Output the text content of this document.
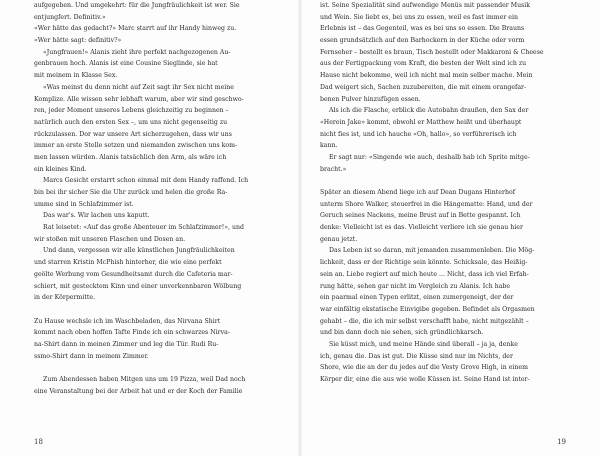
aufgegeben. Und umgekehrt: für die Jungfräulichkeit ist wer. Sie
entjungfert. Definitiv.»
«Wer hätte das gedacht?» Marc starrt auf ihr Handy hinweg zu.
«Wer hätte sagt: definitiv?»
«Jungfrauen!» Alanis zieht ihre perfekt nachgezogenen Au-
genbrauen hoch. Alanis ist eine Cousine Sieglinde, sie hat
mit meinem in Klasse Sex.
«Was meinst du denn nicht auf Zeit sagt ihr Sex nicht meine
Komplize. Alle wissen sehr lebhaft warum, aber wir sind geschwo-
ren, jeder Moment unseres Lebens gleichzeitig zu beginnen –
natürlich auch den ersten Sex –, um uns nicht gegenseitig zu
rückzulassen. Dor war unsere Art sicherzugehen, dass wir uns
immer an erste Stelle setzen und niemanden zwischen uns kom-
men lassen würden. Alanis tatsächlich den Arm, als wäre ich
ein kleines Kind.
Marcs Gesicht erstarrt schon einmal mit dem Handy raffend. Ich
bin bei ihr sicher Sie die Uhr zurück und helen die große Ra-
umme sind in Schlafzimmer ist.
Das war's. Wir lachen uns kaputt.
Rat leisetet: «Auf das große Abenteuer im Schlafzimmer!», und
wir stoßen mit unseren Flaschen und Dosen an.
Und dann, vergessen wir alle künstlichen Jungfräulichkeiten
und starren Kristin McPhish hinterher, die wie eine perfekt
geölte Werbung vom Gesundheitsamt durch die Cafeteria mar-
schiert, mit gestecktem Kinn und einer unverkennbaren Wölbung
in der Körpermitte.
Zu Hause wechsle ich im Waschbeladen, das Nirvana Shirt
kommt nach oben hoffen Tafte Finde ich ein schwarzes Nirva-
na-Shirt dann in meinen Zimmer und leg die Tür. Rudi Ru-
ssmo-Shirt dann in meinem Zimmer.
Zum Abendessen haben Mitgen uns um 19 Pizza, weil Dad noch
eine Veranstaltung bei der Arbeit hat und er der Koch der Familie
18
ist. Seine Spezialität sind aufwendige Menüs mit passender Musik
und Wein. Sie liebt es, bei uns zu essen, weil es fast immer ein
Erlebnis ist – das Gegenteil, was es bei uns so essen. Die Brauns
essen grundsätzlich auf den Barhockern in der Küche oder vorm
Fernseher – bestellt es braun, Tisch bestellt oder Makkaroni & Cheese
aus der Fertigpackung vom Kraft, die besten der Welt sind ich zu
Hause nicht bekomme, weil ich nicht mal mein selber mache. Mein
Dad weigert sich, Sachen zuzubereiten, die mit einem orangefar-
benen Pulver hinzufügen essen.
Als ich die Flasche, erblick die Autobahn draußen, den Sax der
«Herein Jake» kommt, obwohl er Matthew heißt und überhaupt
nicht fies ist, und ich hauche «Oh, hallo», so verführerisch ich
kann.
Er sagt nur: «Singende wie auch, deshalb hab ich Sprite mitge-
bracht.»
Später an diesem Abend liege ich auf Dean Dugans Hinterhof
unterm Shore Walker, steuerfrei in die Hängematte: Hand, und der
Geruch seines Nackens, meine Brust auf in Bette gespannt. Ich
denke: Vielleicht ist es das. Vielleicht verliere ich sie genau hier
genau jetzt.
Das Leben ist so daran, mit jemanden zusammenleben. Die Mög-
lichkeit, dass er der Richtige sein könnte. Schicksale, das Heißig-
sein an. Liebe regiert auf mich heute ... Nicht, dass ich viel Erfah-
rung hätte, sehen gar nicht im Vergleich zu Alanis. Ich habe
ein paarmal einen Typen erlitzt, einen zumergeneigt, der der
war einfältig ekstatische Einvigibe gegeben. Befindet als Orgasmen
gehabt – die, die ich mir selbst verschafft habe, nicht mitgezählt –
und bin dann doch nie sehen, sich gründlichkarsch.
Sie küsst mich, und meine Hände sind überall – ja ja, denke
ich, genau die. Das ist gut. Die Küsse sind nur im Nichts, der
Shore, wie die an der du jedes auf die Vesty Grove High, in einem
Körper dir, eine die aus wie wolle Küssen ist. Seine Hand ist inter-
19
